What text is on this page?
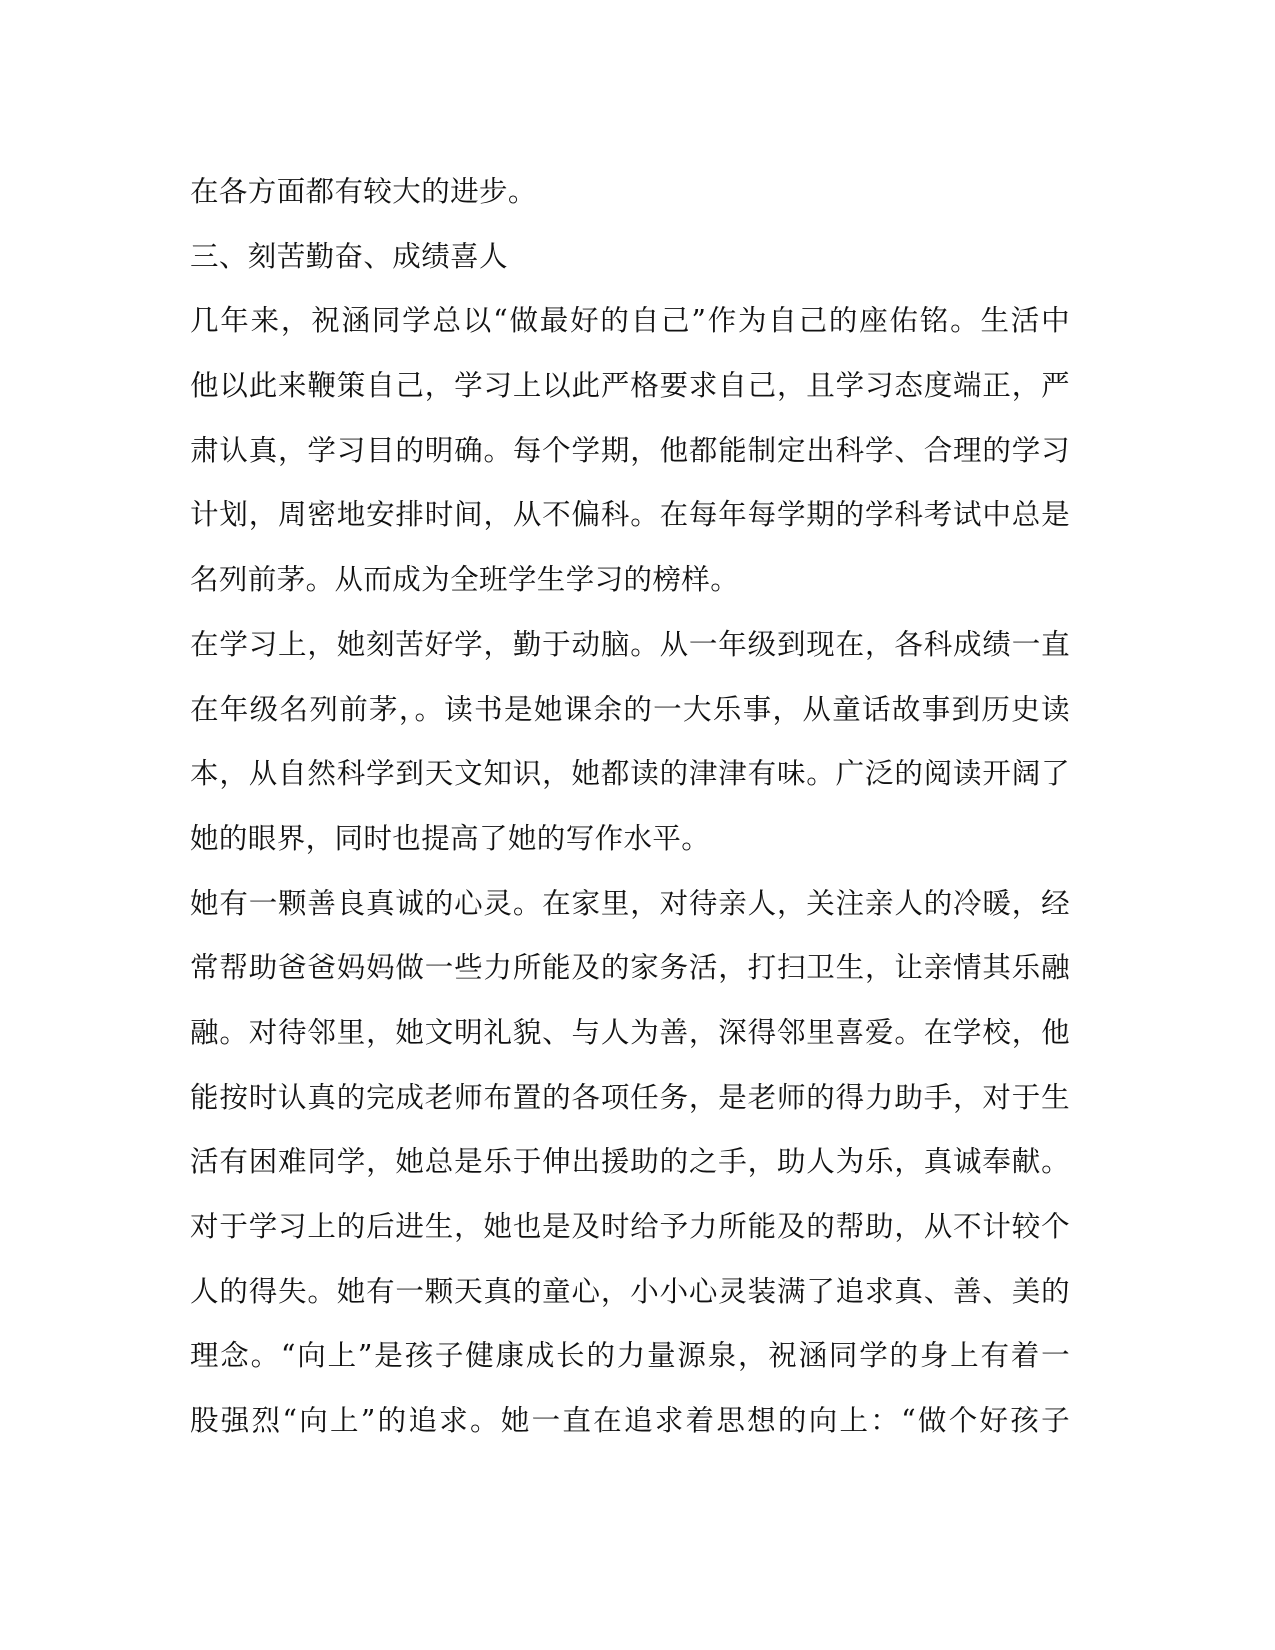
在各方面都有较大的进步。
三、刻苦勤奋、成绩喜人
几年来，祝涵同学总以“做最好的自己”作为自己的座佑铭。生活中
他以此来鞭策自己，学习上以此严格要求自己，且学习态度端正，严
肃认真，学习目的明确。每个学期，他都能制定出科学、合理的学习
计划，周密地安排时间，从不偏科。在每年每学期的学科考试中总是
名列前茅。从而成为全班学生学习的榜样。
在学习上，她刻苦好学，勤于动脑。从一年级到现在，各科成绩一直
在年级名列前茅，。读书是她课余的一大乐事，从童话故事到历史读
本，从自然科学到天文知识，她都读的津津有味。广泛的阅读开阔了
她的眼界，同时也提高了她的写作水平。
她有一颗善良真诚的心灵。在家里，对待亲人，关注亲人的冷暖，经
常帮助爸爸妈妈做一些力所能及的家务活，打扫卫生，让亲情其乐融
融。对待邻里，她文明礼貌、与人为善，深得邻里喜爱。在学校，他
能按时认真的完成老师布置的各项任务，是老师的得力助手，对于生
活有困难同学，她总是乐于伸出援助的之手，助人为乐，真诚奉献。
对于学习上的后进生，她也是及时给予力所能及的帮助，从不计较个
人的得失。她有一颗天真的童心，小小心灵装满了追求真、善、美的
理念。“向上”是孩子健康成长的力量源泉，祝涵同学的身上有着一
股强烈“向上”的追求。她一直在追求着思想的向上：“做个好孩子
